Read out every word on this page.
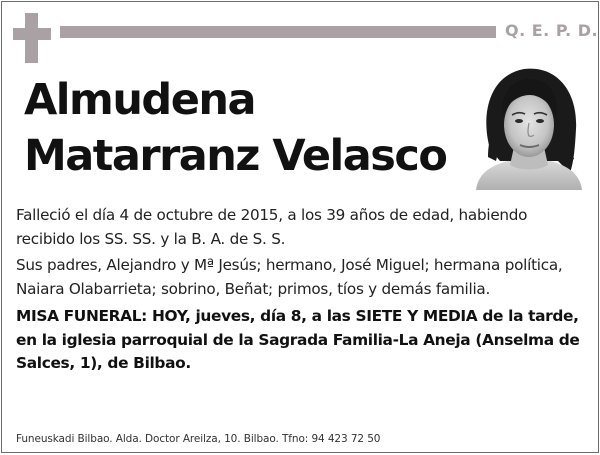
Q. E. P. D.
Almudena
Matarranz Velasco

Falleció el día 4 de octubre de 2015, a los 39 años de edad, habiendo recibido los SS. SS. y la B. A. de S. S.

Sus padres, Alejandro y Mª Jesús; hermano, José Miguel; hermana política, Naiara Olabarrieta; sobrino, Beñat; primos, tíos y demás familia.

MISA FUNERAL: HOY, jueves, día 8, a las SIETE Y MEDIA de la tarde, en la iglesia parroquial de la Sagrada Familia-La Aneja (Anselma de Salces, 1), de Bilbao.

Funeuskadi Bilbao. Alda. Doctor Areilza, 10. Bilbao. Tfno: 94 423 72 50
